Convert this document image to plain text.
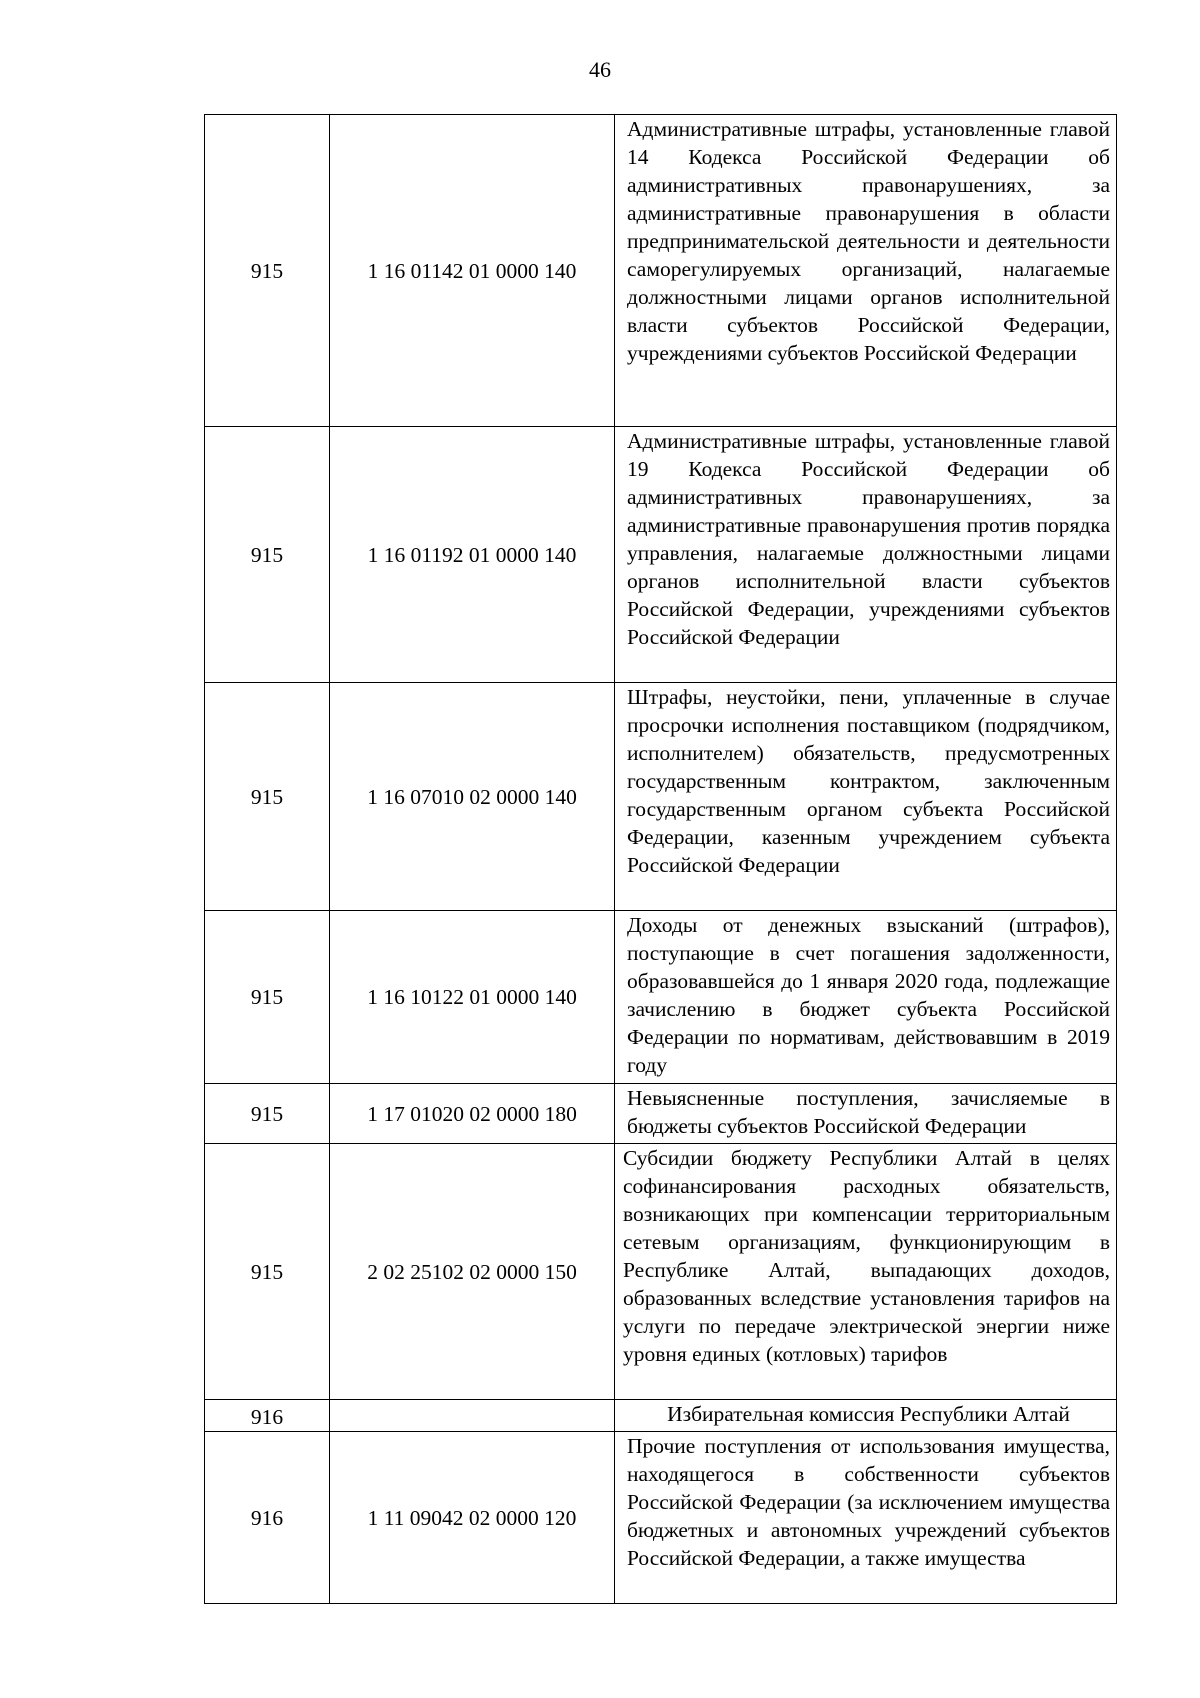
46
915	1 16 01142 01 0000 140	Административные штрафы, установленные главой 14 Кодекса Российской Федерации об административных правонарушениях, за административные правонарушения в области предпринимательской деятельности и деятельности саморегулируемых организаций, налагаемые должностными лицами органов исполнительной власти субъектов Российской Федерации, учреждениями субъектов Российской Федерации
915	1 16 01192 01 0000 140	Административные штрафы, установленные главой 19 Кодекса Российской Федерации об административных правонарушениях, за административные правонарушения против порядка управления, налагаемые должностными лицами органов исполнительной власти субъектов Российской Федерации, учреждениями субъектов Российской Федерации
915	1 16 07010 02 0000 140	Штрафы, неустойки, пени, уплаченные в случае просрочки исполнения поставщиком (подрядчиком, исполнителем) обязательств, предусмотренных государственным контрактом, заключенным государственным органом субъекта Российской Федерации, казенным учреждением субъекта Российской Федерации
915	1 16 10122 01 0000 140	Доходы от денежных взысканий (штрафов), поступающие в счет погашения задолженности, образовавшейся до 1 января 2020 года, подлежащие зачислению в бюджет субъекта Российской Федерации по нормативам, действовавшим в 2019 году
915	1 17 01020 02 0000 180	Невыясненные поступления, зачисляемые в бюджеты субъектов Российской Федерации
915	2 02 25102 02 0000 150	Субсидии бюджету Республики Алтай в целях софинансирования расходных обязательств, возникающих при компенсации территориальным сетевым организациям, функционирующим в Республике Алтай, выпадающих доходов, образованных вследствие установления тарифов на услуги по передаче электрической энергии ниже уровня единых (котловых) тарифов
916		Избирательная комиссия Республики Алтай
916	1 11 09042 02 0000 120	Прочие поступления от использования имущества, находящегося в собственности субъектов Российской Федерации (за исключением имущества бюджетных и автономных учреждений субъектов Российской Федерации, а также имущества
